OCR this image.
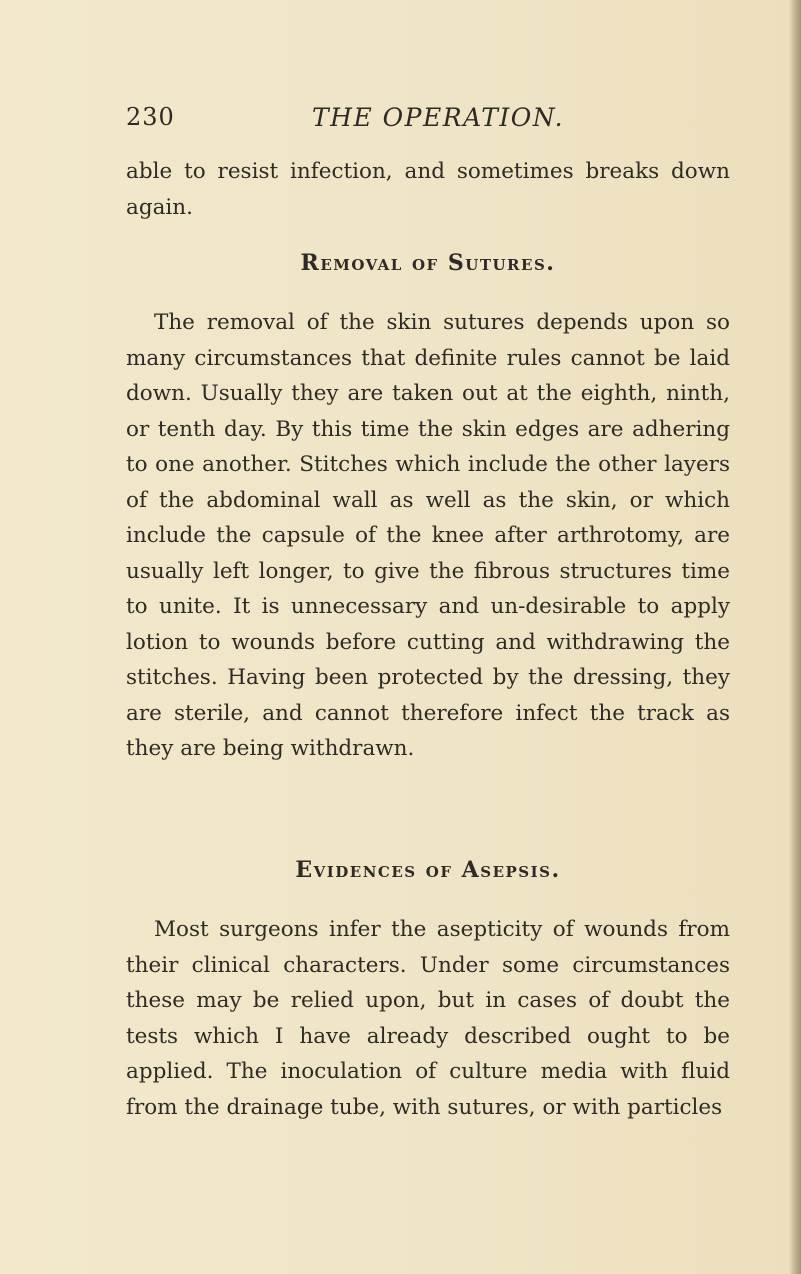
230	THE OPERATION.

able to resist infection, and sometimes breaks down again.

Removal of Sutures.

The removal of the skin sutures depends upon so many circumstances that definite rules cannot be laid down. Usually they are taken out at the eighth, ninth, or tenth day. By this time the skin edges are adhering to one another. Stitches which include the other layers of the abdominal wall as well as the skin, or which include the capsule of the knee after arthrotomy, are usually left longer, to give the fibrous structures time to unite. It is unnecessary and un-desirable to apply lotion to wounds before cutting and withdrawing the stitches. Having been protected by the dressing, they are sterile, and cannot therefore infect the track as they are being withdrawn.

Evidences of Asepsis.

Most surgeons infer the asepticity of wounds from their clinical characters. Under some circumstances these may be relied upon, but in cases of doubt the tests which I have already described ought to be applied. The inoculation of culture media with fluid from the drainage tube, with sutures, or with particles
